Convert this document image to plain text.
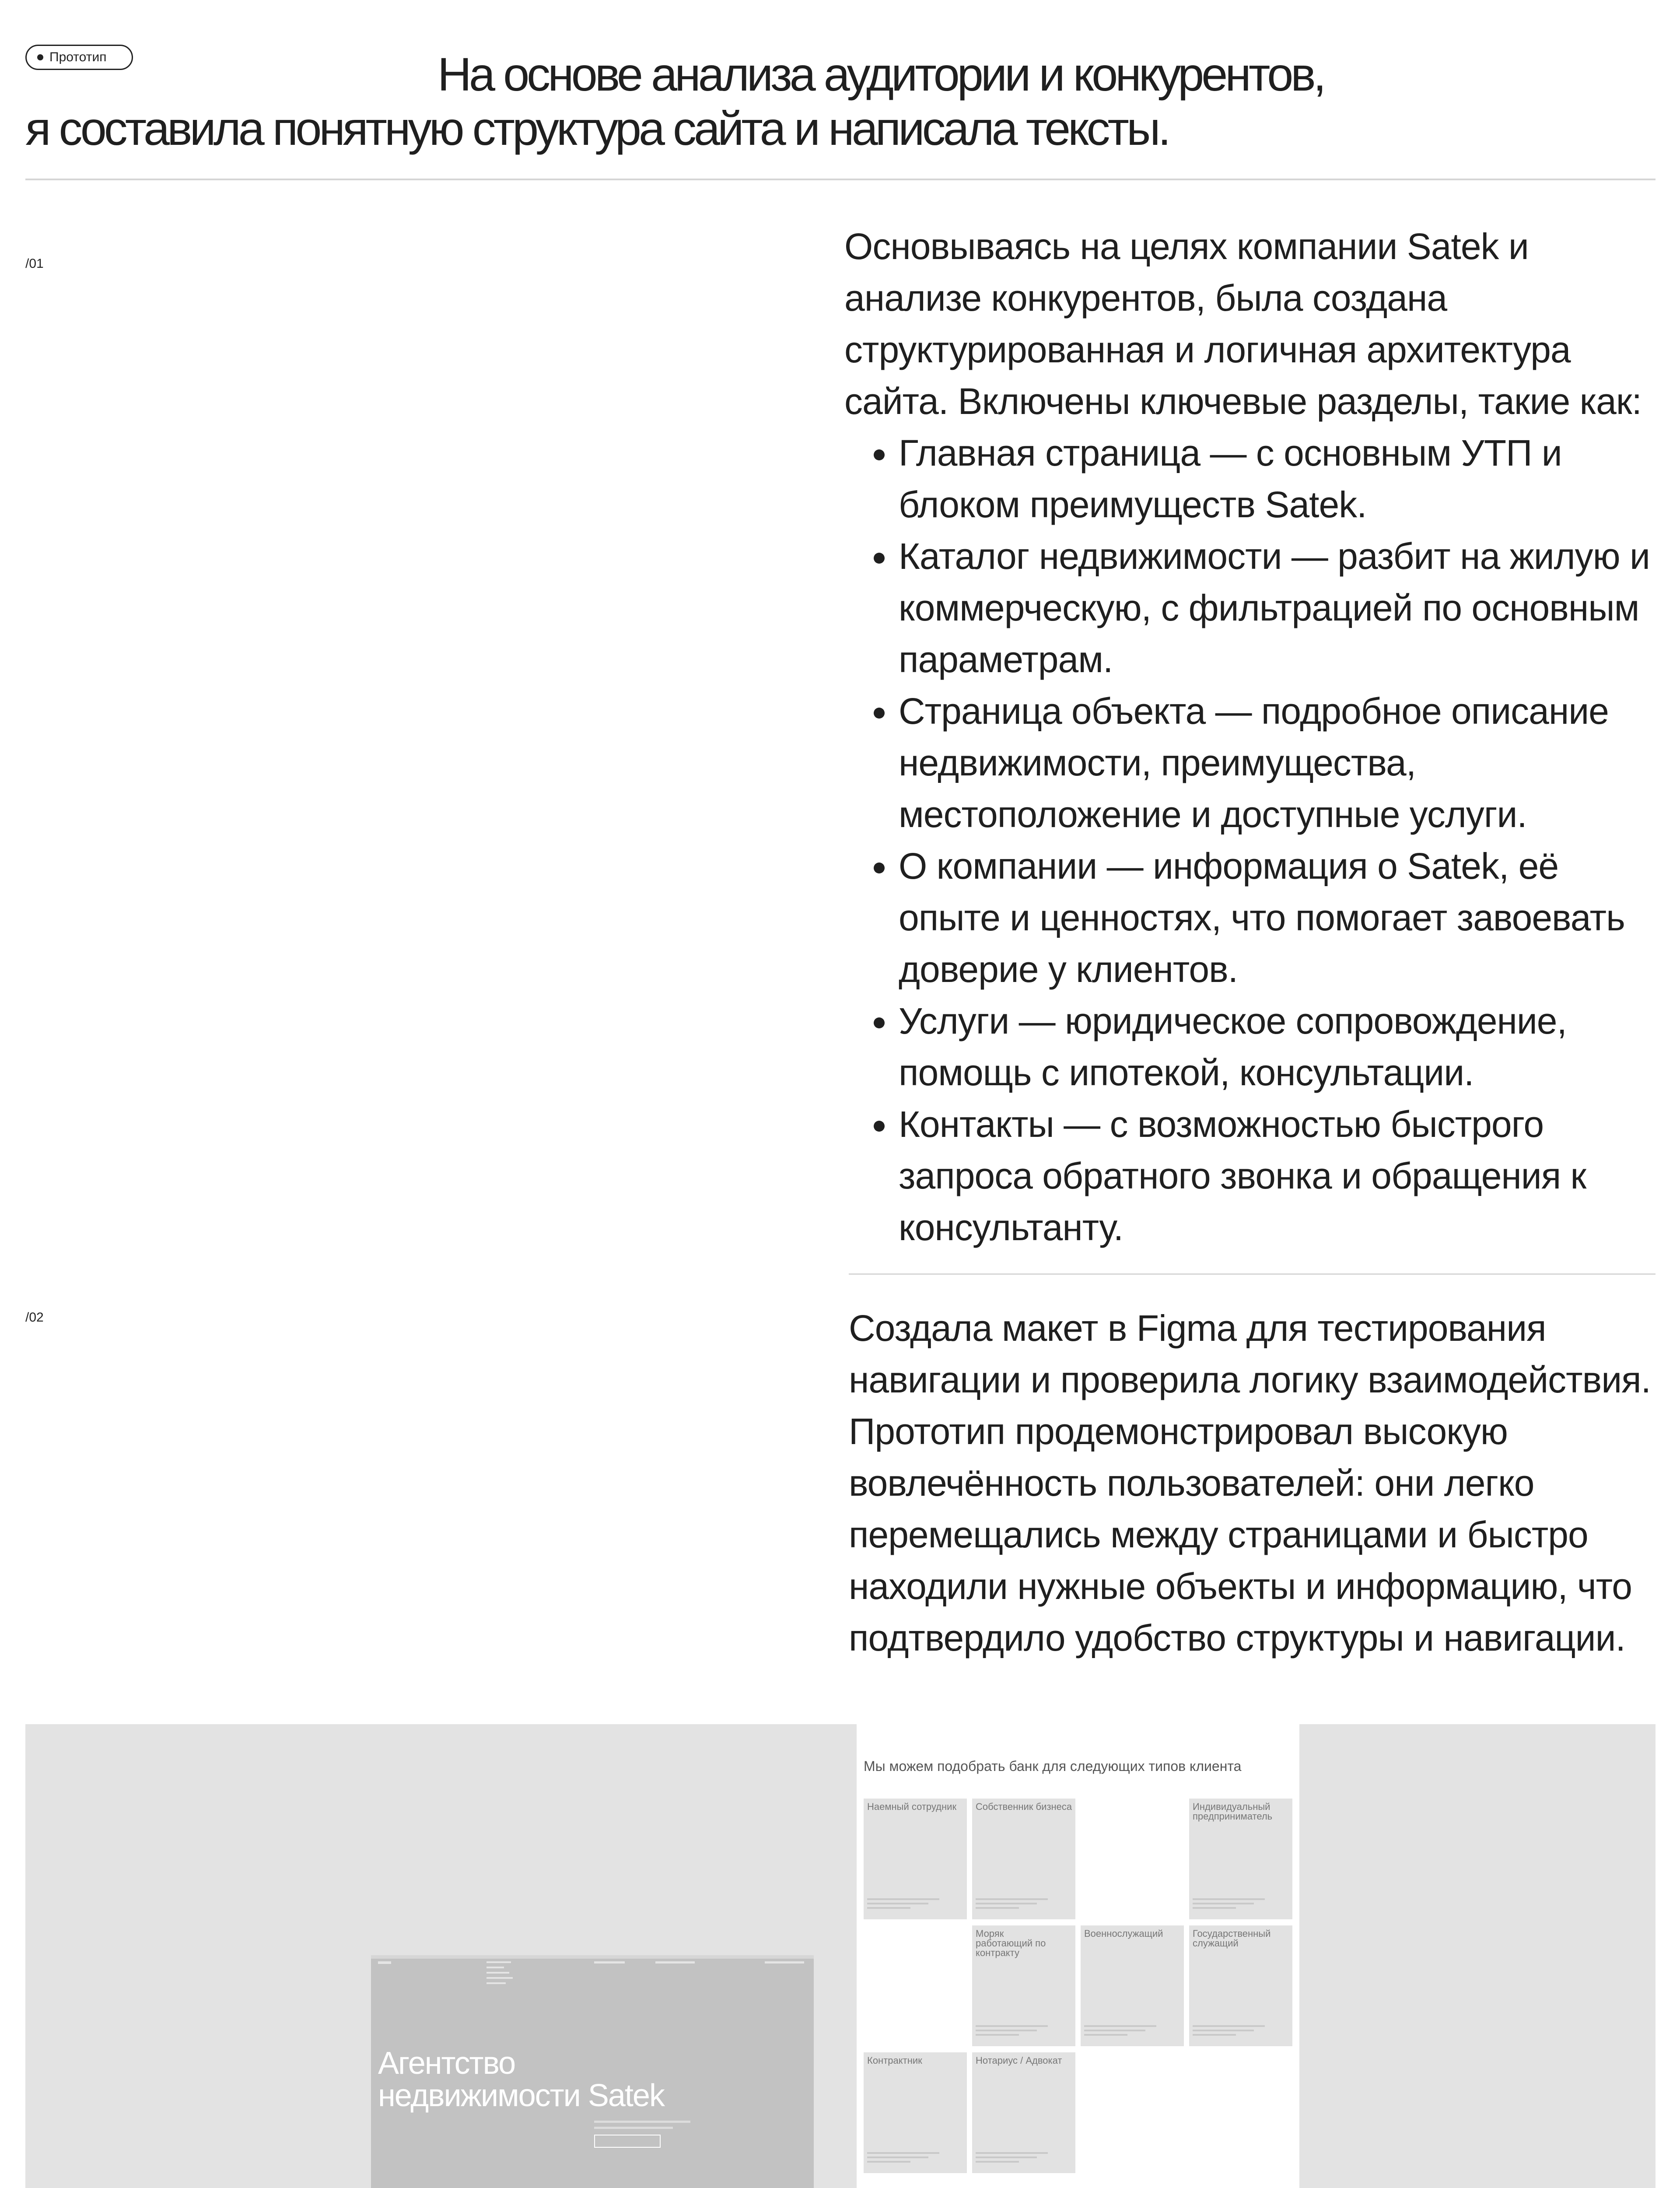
Прототип	На основе анализа аудитории и конкурентов,
я составила понятную структура сайта и написала тексты.
/01	Основываясь на целях компании Satek и анализе конкурентов, была создана структурированная и логичная архитектура сайта. Включены ключевые разделы, такие как:
• Главная страница — с основным УТП и блоком преимуществ Satek.
• Каталог недвижимости — разбит на жилую и коммерческую, с фильтрацией по основным параметрам.
• Страница объекта — подробное описание недвижимости, преимущества, местоположение и доступные услуги.
• О компании — информация о Satek, её опыте и ценностях, что помогает завоевать доверие у клиентов.
• Услуги — юридическое сопровождение, помощь с ипотекой, консультации.
• Контакты — с возможностью быстрого запроса обратного звонка и обращения к консультанту.
/02	Создала макет в Figma для тестирования навигации и проверила логику взаимодействия. Прототип продемонстрировал высокую вовлечённость пользователей: они легко перемещались между страницами и быстро находили нужные объекты и информацию, что подтвердило удобство структуры и навигации.
Агентство
недвижимости Satek
Мы можем подобрать банк для следующих типов клиента
Наемный сотрудник Собственник бизнеса	Индивидуальный предприниматель
Моряк работающий по контракту
Военнослужащий	Государственный служащий
Контрактник	Нотариус / Адвокат
